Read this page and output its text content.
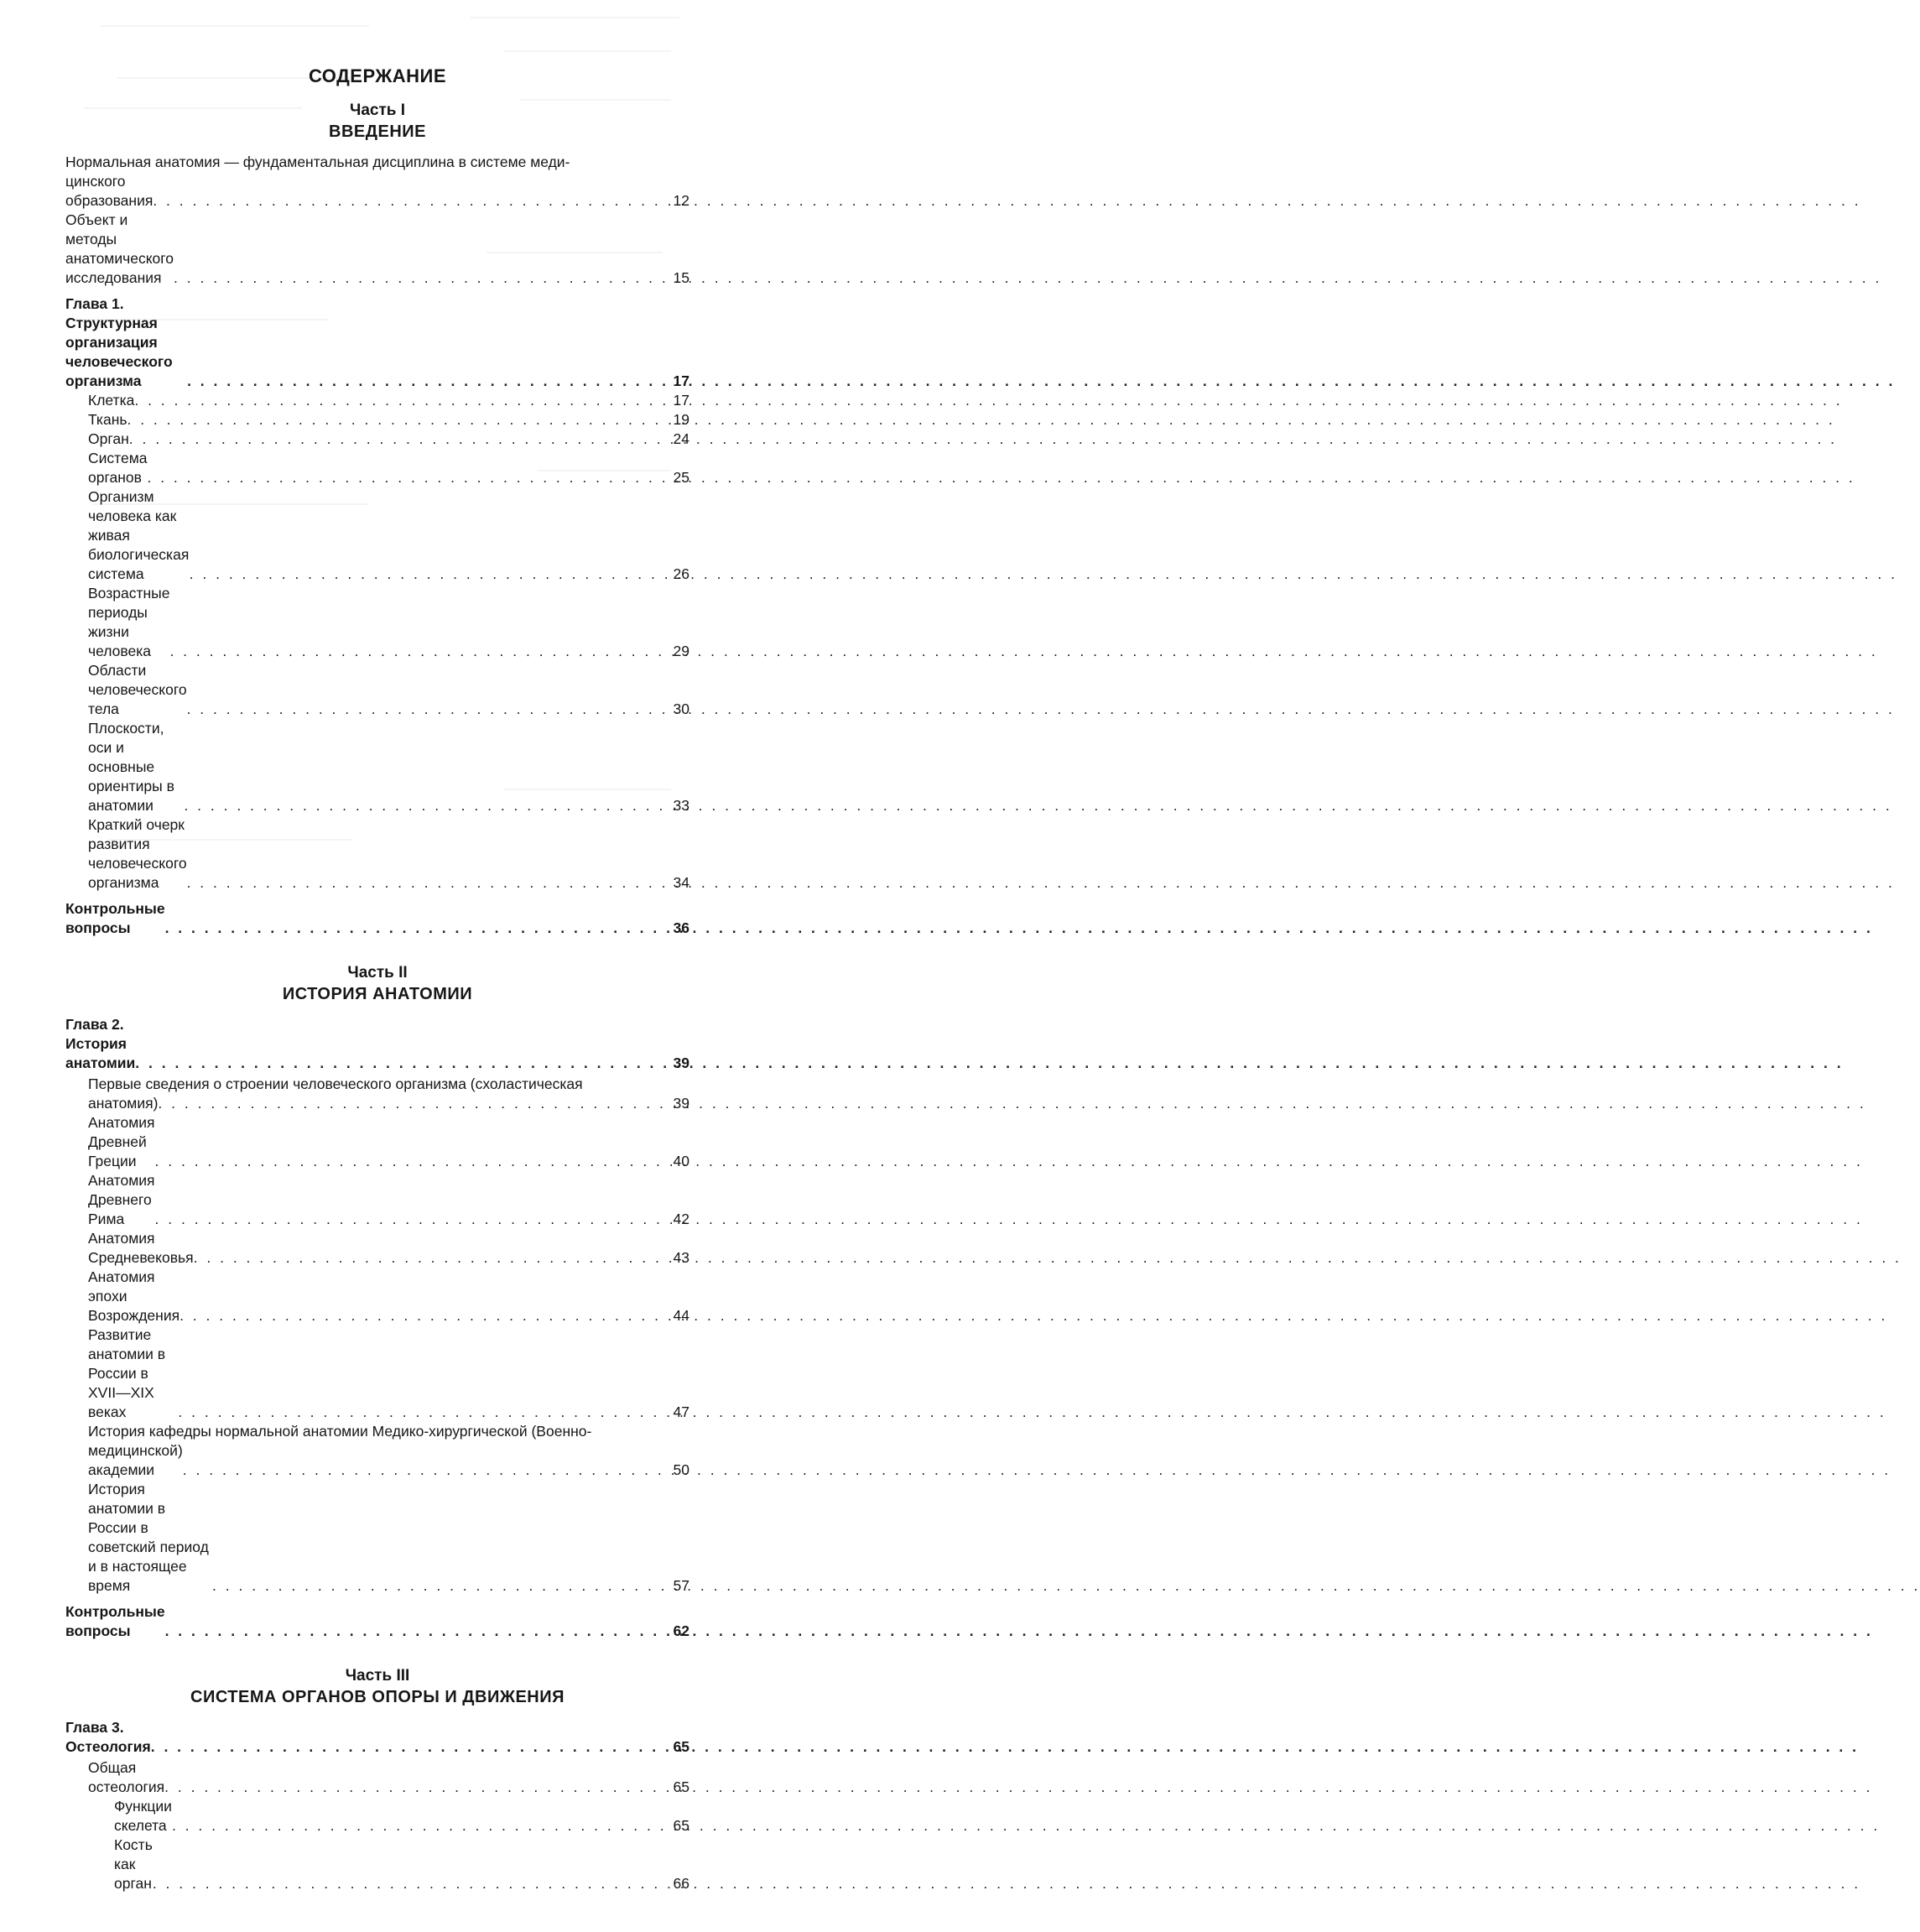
СОДЕРЖАНИЕ
Часть I
ВВЕДЕНИЕ
Нормальная анатомия — фундаментальная дисциплина в системе меди-
цинского образования . . .	12
Объект и методы анатомического исследования . . .	15
Глава 1. Структурная организация человеческого организма . . .	17
Клетка . . .	17
Ткань . . .	19
Орган . . .	24
Система органов . . .	25
Организм человека как живая биологическая система . . .	26
Возрастные периоды жизни человека . . .	29
Области человеческого тела . . .	30
Плоскости, оси и основные ориентиры в анатомии . . .	33
Краткий очерк развития человеческого организма . . .	34
Контрольные вопросы . . .	36
Часть II
ИСТОРИЯ АНАТОМИИ
Глава 2. История анатомии . . .	39
Первые сведения о строении человеческого организма (схоластическая
анатомия) . . .	39
Анатомия Древней Греции . . .	40
Анатомия Древнего Рима . . .	42
Анатомия Средневековья . . .	43
Анатомия эпохи Возрождения . . .	44
Развитие анатомии в России в XVII—XIX веках . . .	47
История кафедры нормальной анатомии Медико-хирургической (Военно-
медицинской) академии . . .	50
История анатомии в России в советский период и в настоящее время . . .	57
Контрольные вопросы . . .	62
Часть III
СИСТЕМА ОРГАНОВ ОПОРЫ И ДВИЖЕНИЯ
Глава 3. Остеология . . .	65
Общая остеология . . .	65
Функции скелета . . .	65
Кость как орган . . .	66
